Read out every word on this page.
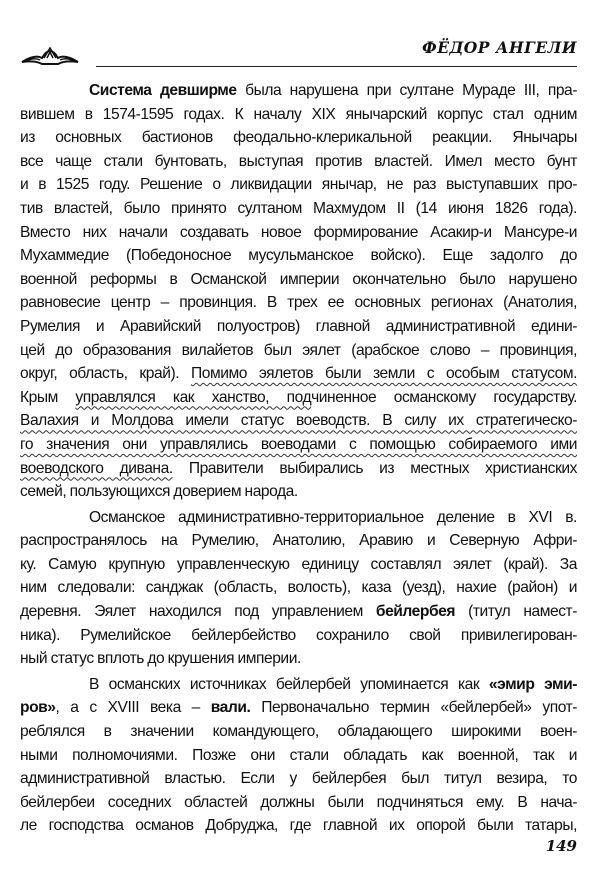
ФЁДОР АНГЕЛИ
Система девширме была нарушена при султане Мураде III, пра-
вившем в 1574-1595 годах. К началу XIX янычарский корпус стал одним
из основных бастионов феодально-клерикальной реакции. Янычары
все чаще стали бунтовать, выступая против властей. Имел место бунт
и в 1525 году. Решение о ликвидации янычар, не раз выступавших про-
тив властей, было принято султаном Махмудом II (14 июня 1826 года).
Вместо них начали создавать новое формирование Асакир-и Мансуре-и
Мухаммедие (Победоносное мусульманское войско). Еще задолго до
военной реформы в Османской империи окончательно было нарушено
равновесие центр – провинция. В трех ее основных регионах (Анатолия,
Румелия и Аравийский полуостров) главной административной едини-
цей до образования вилайетов был эялет (арабское слово – провинция,
округ, область, край). Помимо эялетов были земли с особым статусом.
Крым управлялся как ханство, подчиненное османскому государству.
Валахия и Молдова имели статус воеводств. В силу их стратегическо-
го значения они управлялись воеводами с помощью собираемого ими
воеводского дивана. Правители выбирались из местных христианских
семей, пользующихся доверием народа.
Османское административно-территориальное деление в XVI в.
распространялось на Румелию, Анатолию, Аравию и Северную Афри-
ку. Самую крупную управленческую единицу составлял эялет (край). За
ним следовали: санджак (область, волость), каза (уезд), нахие (район) и
деревня. Эялет находился под управлением бейлербея (титул намест-
ника). Румелийское бейлербейство сохранило свой привилегирован-
ный статус вплоть до крушения империи.
В османских источниках бейлербей упоминается как «эмир эми-
ров», а с XVIII века – вали. Первоначально термин «бейлербей» упот-
реблялся в значении командующего, обладающего широкими воен-
ными полномочиями. Позже они стали обладать как военной, так и
административной властью. Если у бейлербея был титул везира, то
бейлербеи соседних областей должны были подчиняться ему. В нача-
ле господства османов Добруджа, где главной их опорой были татары,
149
